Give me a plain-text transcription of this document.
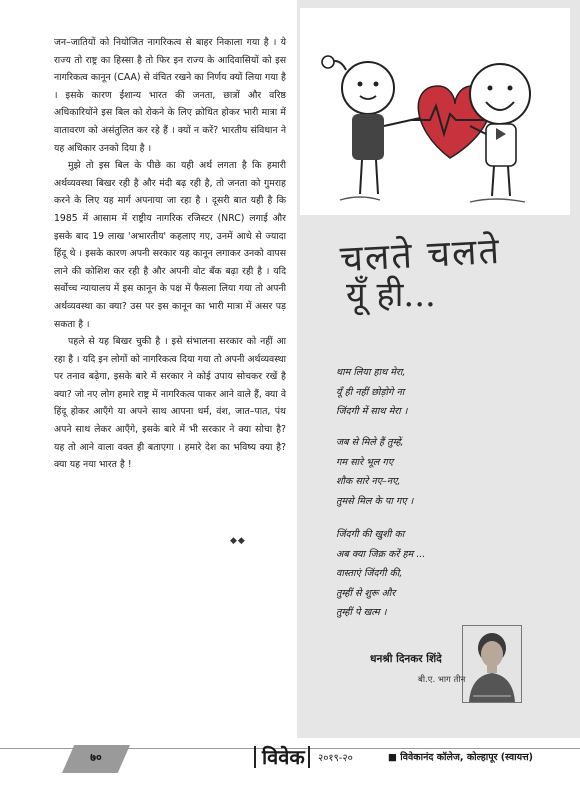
जन–जातियों को नियोजित नागरिकत्व से बाहर निकाला गया है । ये राज्य तो राष्ट्र का हिस्सा है तो फिर इन राज्य के आदिवासियों को इस नागरिकत्व कानून (CAA) से वंचित रखने का निर्णय क्यों लिया गया है । इसके कारण ईशान्य भारत की जनता, छात्रों और वरिष्ठ अधिकारियोंने इस बिल को रोकने के लिए क्रोधित होकर भारी मात्रा में वातावरण को असंतुलित कर रहे हैं । क्यों न करें? भारतीय संविधान ने यह अधिकार उनको दिया है ।

मुझे तो इस बिल के पीछे का यही अर्थ लगता है कि हमारी अर्थव्यवस्था बिखर रही है और मंदी बढ़ रही है, तो जनता को गुमराह करने के लिए यह मार्ग अपनाया जा रहा है । दूसरी बात यही है कि 1985 में आसाम में राष्ट्रीय नागरिक रजिस्टर (NRC) लगाई और इसके बाद 19 लाख 'अभारतीय' कहलाए गए, उनमें आधे से ज्यादा हिंदू थे । इसके कारण अपनी सरकार यह कानून लगाकर उनको वापस लाने की कोशिश कर रही है और अपनी वोट बँक बढ़ा रही है । यदि सर्वोच्च न्यायालय में इस कानून के पक्ष में फैसला लिया गया तो अपनी अर्थव्यवस्था का क्या? उस पर इस कानून का भारी मात्रा में असर पड़ सकता है ।

पहले से यह बिखर चुकी है । इसे संभालना सरकार को नहीं आ रहा है । यदि इन लोगों को नागरिकत्व दिया गया तो अपनी अर्थव्यवस्था पर तनाव बढ़ेगा, इसके बारे में सरकार ने कोई उपाय सोचकर रखें है क्या? जो नए लोग हमारे राष्ट्र में नागरिकत्व पाकर आने वाले हैं, क्या वे हिंदू होकर आएँगे या अपने साथ आपना धर्म, वंश, जात–पात, पंथ अपने साथ लेकर आएँगे, इसके बारे में भी सरकार ने क्या सोचा है? यह तो आने वाला वक्त ही बताएगा । हमारे देश का भविष्य क्या है? क्या यह नया भारत है !

◆◆
चलते चलते
यूँ ही...
थाम लिया हाथ मेरा,
यूँ ही नहीं छोड़ोगे ना
जिंदगी में साथ मेरा ।
जब से मिले हैं तुम्हें,
गम सारे भूल गए
शौक सारे नए–नए,
तुमसे मिल के पा गए ।
जिंदगी की खुशी का
अब क्या जिक्र करें हम ...
वास्ताएं जिंदगी की,
तुम्हीं से शुरू और
तुम्हीं पे खत्म ।
धनश्री दिनकर शिंदे
बी.ए. भाग तीन
७०	विवेक २०१९-२०	■ विवेकानंद कॉलेज, कोल्हापूर (स्वायत्त)
